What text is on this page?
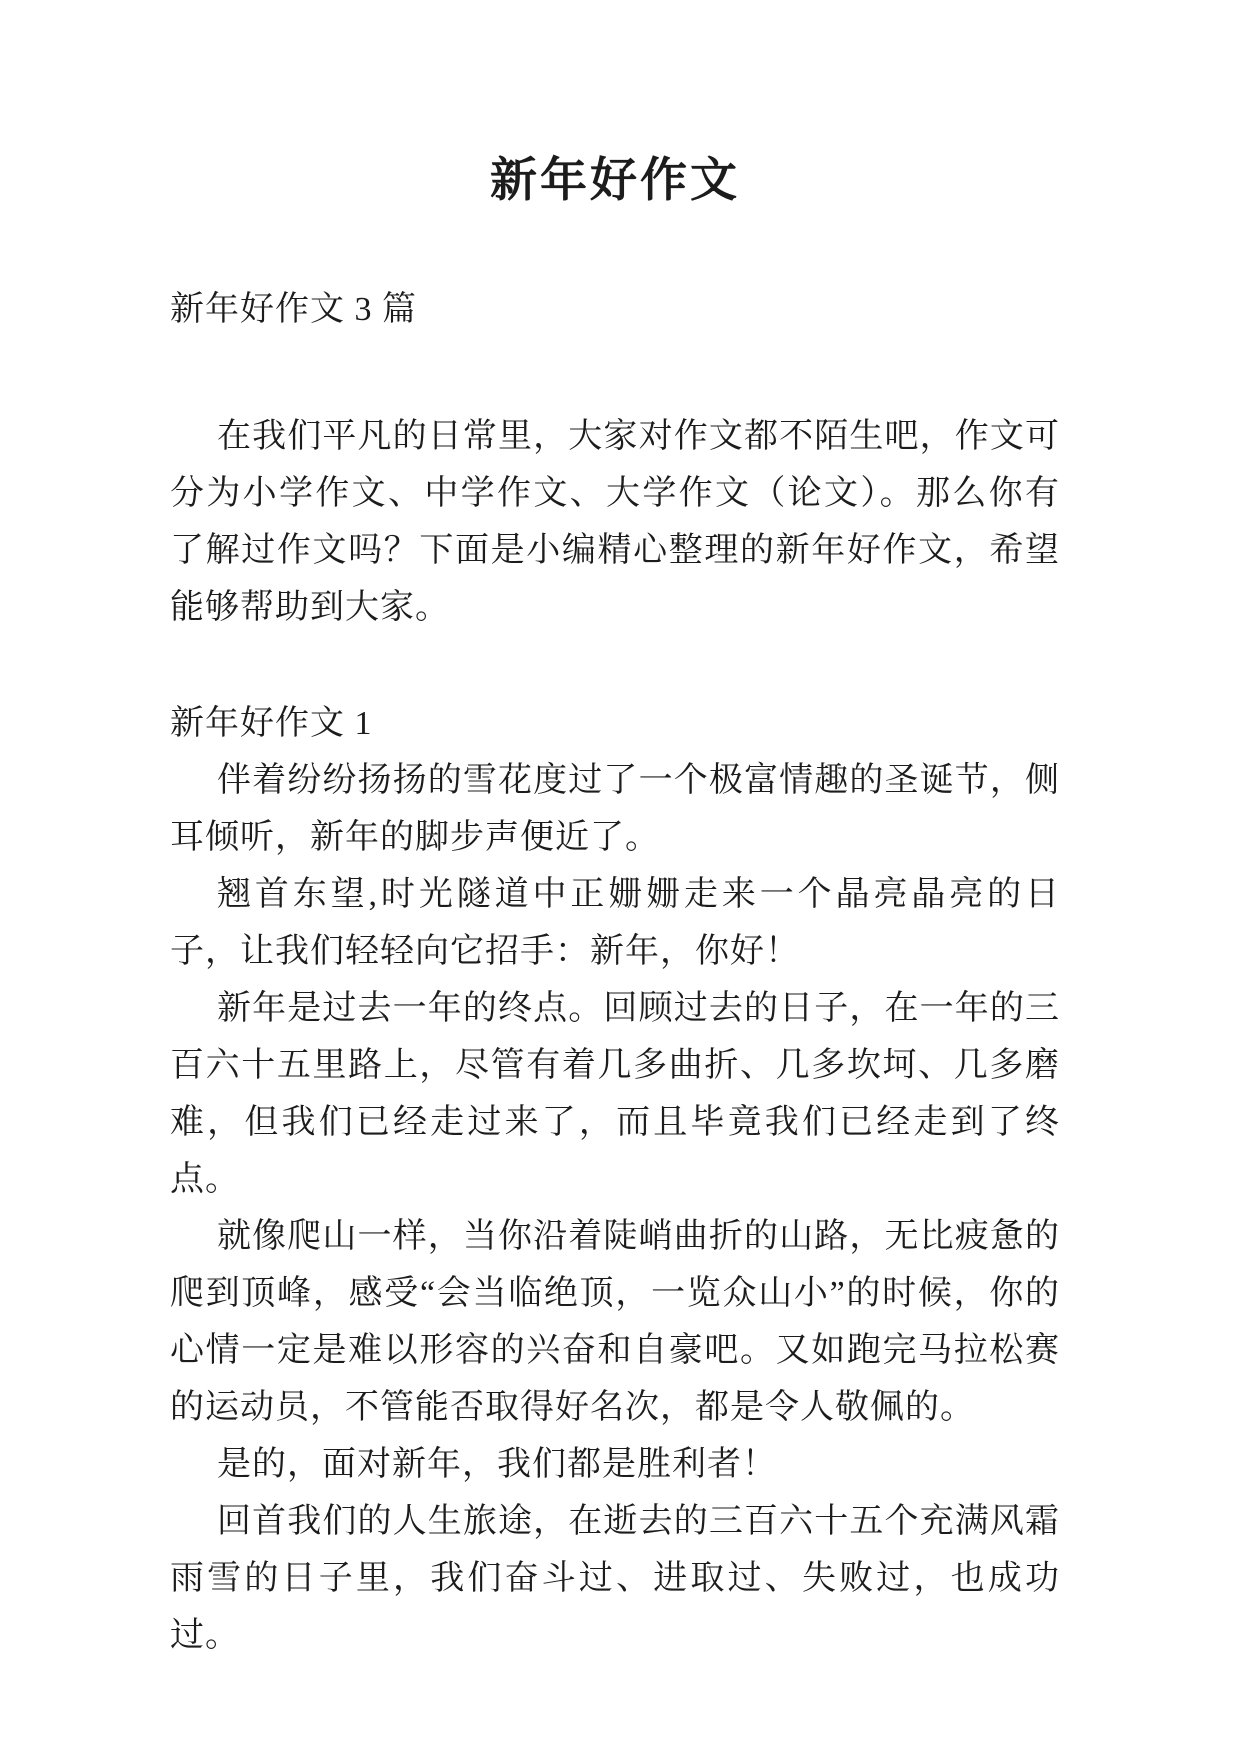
新年好作文
新年好作文 3 篇

在我们平凡的日常里，大家对作文都不陌生吧，作文可分为小学作文、中学作文、大学作文（论文）。那么你有了解过作文吗？下面是小编精心整理的新年好作文，希望能够帮助到大家。

新年好作文 1

伴着纷纷扬扬的雪花度过了一个极富情趣的圣诞节，侧耳倾听，新年的脚步声便近了。

翘首东望,时光隧道中正姗姗走来一个晶亮晶亮的日子，让我们轻轻向它招手：新年，你好！

新年是过去一年的终点。回顾过去的日子，在一年的三百六十五里路上，尽管有着几多曲折、几多坎坷、几多磨难，但我们已经走过来了，而且毕竟我们已经走到了终点。

就像爬山一样，当你沿着陡峭曲折的山路，无比疲惫的爬到顶峰，感受“会当临绝顶，一览众山小”的时候，你的心情一定是难以形容的兴奋和自豪吧。又如跑完马拉松赛的运动员，不管能否取得好名次，都是令人敬佩的。

是的，面对新年，我们都是胜利者！

回首我们的人生旅途，在逝去的三百六十五个充满风霜雨雪的日子里，我们奋斗过、进取过、失败过，也成功过。
